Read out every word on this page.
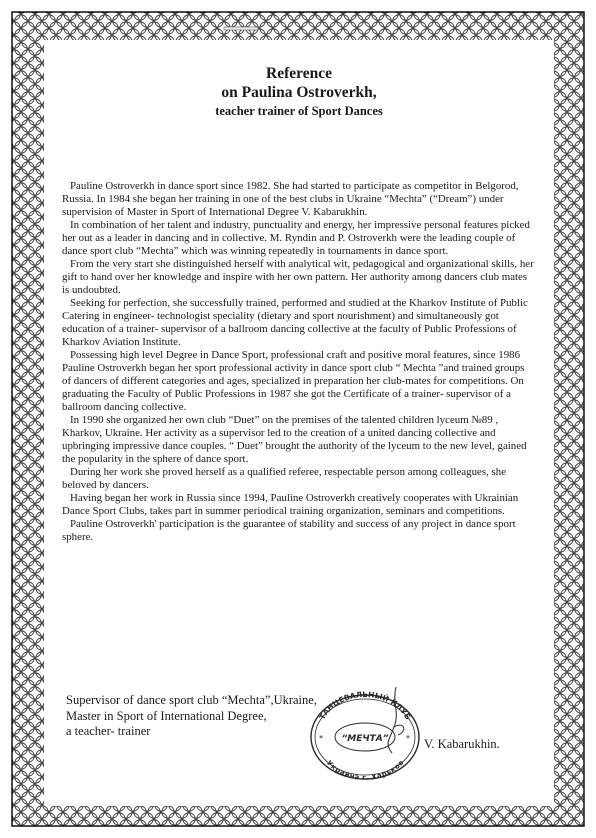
Reference

on Paulina Ostroverkh,

teacher trainer of Sport Dances

Pauline Ostroverkh in dance sport since 1982. She had started to participate as competitor in Belgorod, Russia. In 1984 she began her training in one of the best clubs in Ukraine “Mechta” (“Dream”) under supervision of Master in Sport of International Degree V. Kabarukhin.

In combination of her talent and industry, punctuality and energy, her impressive personal features picked her out as a leader in dancing and in collective. M. Ryndin and P. Ostroverkh were the leading couple of dance sport club “Mechta” which was winning repeatedly in tournaments in dance sport.

From the very start she distinguished herself with analytical wit, pedagogical and organizational skills, her gift to hand over her knowledge and inspire with her own pattern. Her authority among dancers club mates is undoubted.

Seeking for perfection, she successfully trained, performed and studied at the Kharkov Institute of Public Catering in engineer- technologist speciality (dietary and sport nourishment) and simultaneously got education of a trainer- supervisor of a ballroom dancing collective at the faculty of Public Professions of Kharkov Aviation Institute.

Possessing high level Degree in Dance Sport, professional craft and positive moral features, since 1986 Pauline Ostroverkh began her sport professional activity in dance sport club “ Mechta ”and trained groups of dancers of different categories and ages, specialized in preparation her club-mates for competitions. On graduating the Faculty of Public Professions in 1987 she got the Certificate of a trainer- supervisor of a ballroom dancing collective.

In 1990 she organized her own club “Duet” on the premises of the talented children lyceum №89 , Kharkov, Ukraine. Her activity as a supervisor led to the creation of a united dancing collective and upbringing impressive dance couples. “ Duet” brought the authority of the lyceum to the new level, gained the popularity in the sphere of dance sport.

During her work she proved herself as a qualified referee, respectable person among colleagues, she beloved by dancers.

Having began her work in Russia since 1994, Pauline Ostroverkh creatively cooperates with Ukrainian Dance Sport Clubs, takes part in summer periodical training organization, seminars and competitions.

Pauline Ostroverkh' participation is the guarantee of stability and success of any project in dance sport sphere.

ТАНЦЕВАЛЬНЫЙ КЛУБ
“МЕЧТА”
Украина г. Харьков
*	*
Supervisor of dance sport club “Mechta”,Ukraine,
Master in Sport of International Degree,
a teacher- trainer
V. Kabarukhin.
